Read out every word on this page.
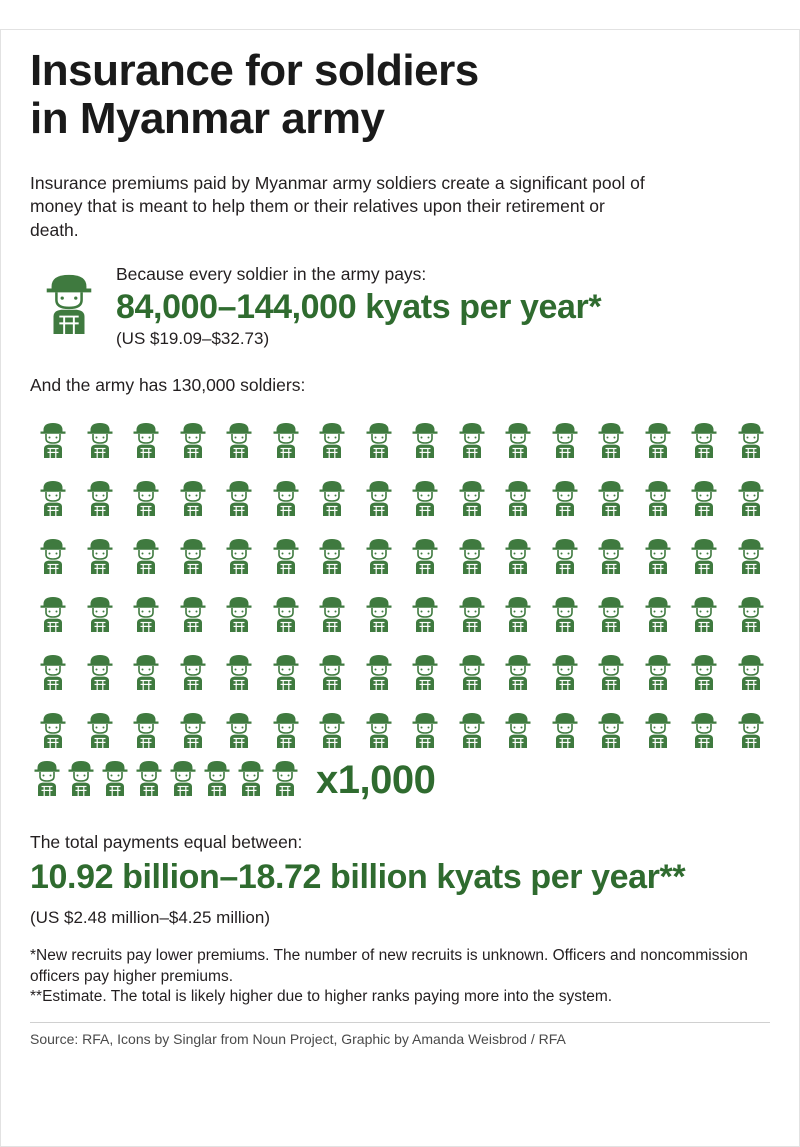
Insurance for soldiers
in Myanmar army

Insurance premiums paid by Myanmar army soldiers create a significant pool of money that is meant to help them or their relatives upon their retirement or death.

Because every soldier in the army pays:
84,000–144,000 kyats per year*
(US $19.09–$32.73)
And the army has 130,000 soldiers:
x1,000
The total payments equal between:
10.92 billion–18.72 billion kyats per year**
(US $2.48 million–$4.25 million)
*New recruits pay lower premiums. The number of new recruits is unknown. Officers and noncommission officers pay higher premiums.
**Estimate. The total is likely higher due to higher ranks paying more into the system.
Source: RFA, Icons by Singlar from Noun Project, Graphic by Amanda Weisbrod / RFA
